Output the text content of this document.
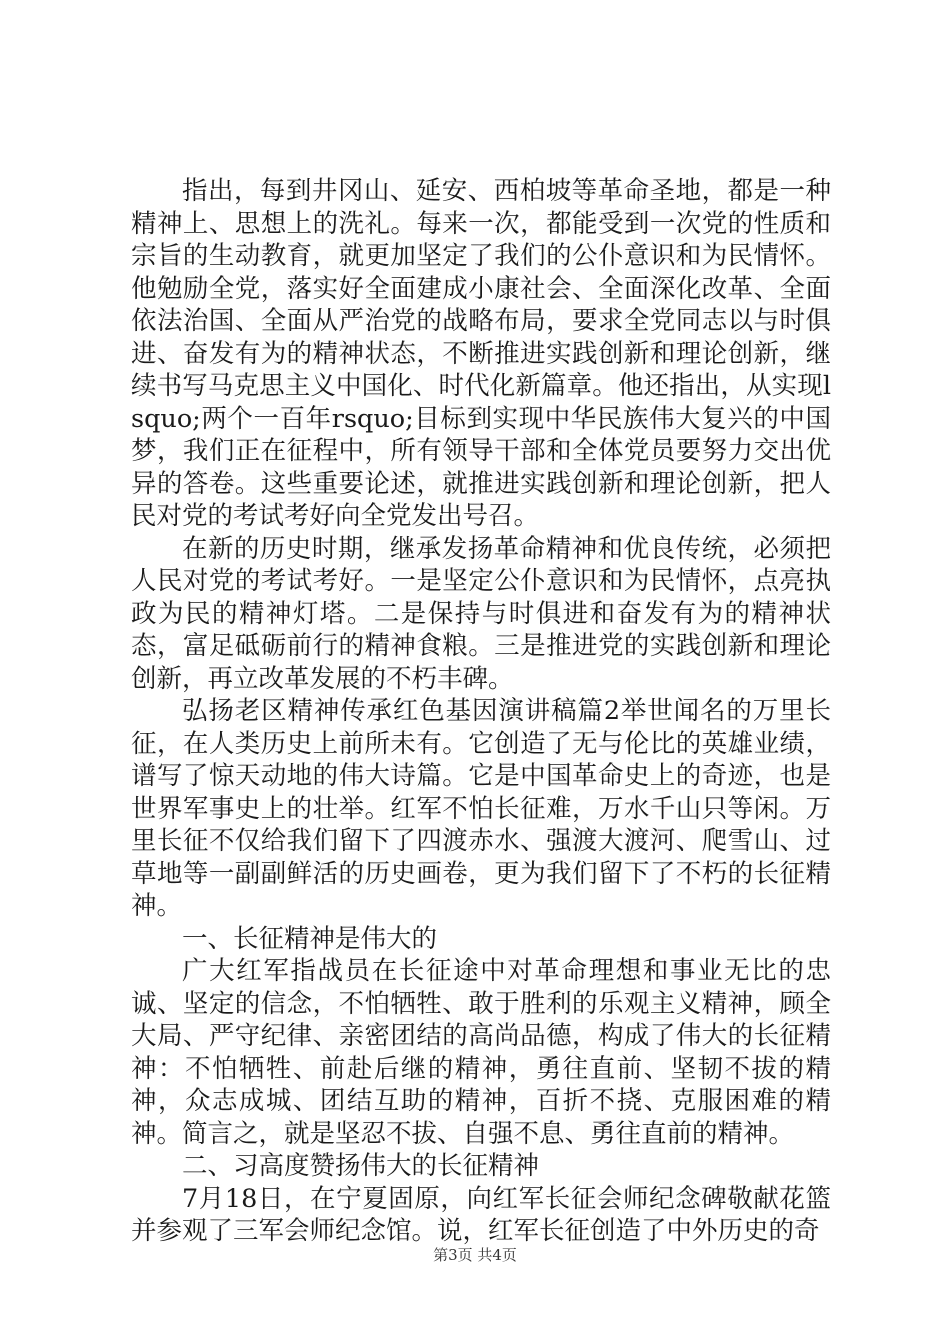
指出，每到井冈山、延安、西柏坡等革命圣地，都是一种精神上、思想上的洗礼。每来一次，都能受到一次党的性质和宗旨的生动教育，就更加坚定了我们的公仆意识和为民情怀。他勉励全党，落实好全面建成小康社会、全面深化改革、全面依法治国、全面从严治党的战略布局，要求全党同志以与时俱进、奋发有为的精神状态，不断推进实践创新和理论创新，继续书写马克思主义中国化、时代化新篇章。他还指出，从实现lsquo;两个一百年rsquo;目标到实现中华民族伟大复兴的中国梦，我们正在征程中，所有领导干部和全体党员要努力交出优异的答卷。这些重要论述，就推进实践创新和理论创新，把人民对党的考试考好向全党发出号召。

在新的历史时期，继承发扬革命精神和优良传统，必须把人民对党的考试考好。一是坚定公仆意识和为民情怀，点亮执政为民的精神灯塔。二是保持与时俱进和奋发有为的精神状态，富足砥砺前行的精神食粮。三是推进党的实践创新和理论创新，再立改革发展的不朽丰碑。

弘扬老区精神传承红色基因演讲稿篇2举世闻名的万里长征，在人类历史上前所未有。它创造了无与伦比的英雄业绩，谱写了惊天动地的伟大诗篇。它是中国革命史上的奇迹，也是世界军事史上的壮举。红军不怕长征难，万水千山只等闲。万里长征不仅给我们留下了四渡赤水、强渡大渡河、爬雪山、过草地等一副副鲜活的历史画卷，更为我们留下了不朽的长征精神。

一、长征精神是伟大的

广大红军指战员在长征途中对革命理想和事业无比的忠诚、坚定的信念，不怕牺牲、敢于胜利的乐观主义精神，顾全大局、严守纪律、亲密团结的高尚品德，构成了伟大的长征精神：不怕牺牲、前赴后继的精神，勇往直前、坚韧不拔的精神，众志成城、团结互助的精神，百折不挠、克服困难的精神。简言之，就是坚忍不拔、自强不息、勇往直前的精神。

二、习高度赞扬伟大的长征精神

7月18日，在宁夏固原，向红军长征会师纪念碑敬献花篮并参观了三军会师纪念馆。说，红军长征创造了中外历史的奇

第3页 共4页
